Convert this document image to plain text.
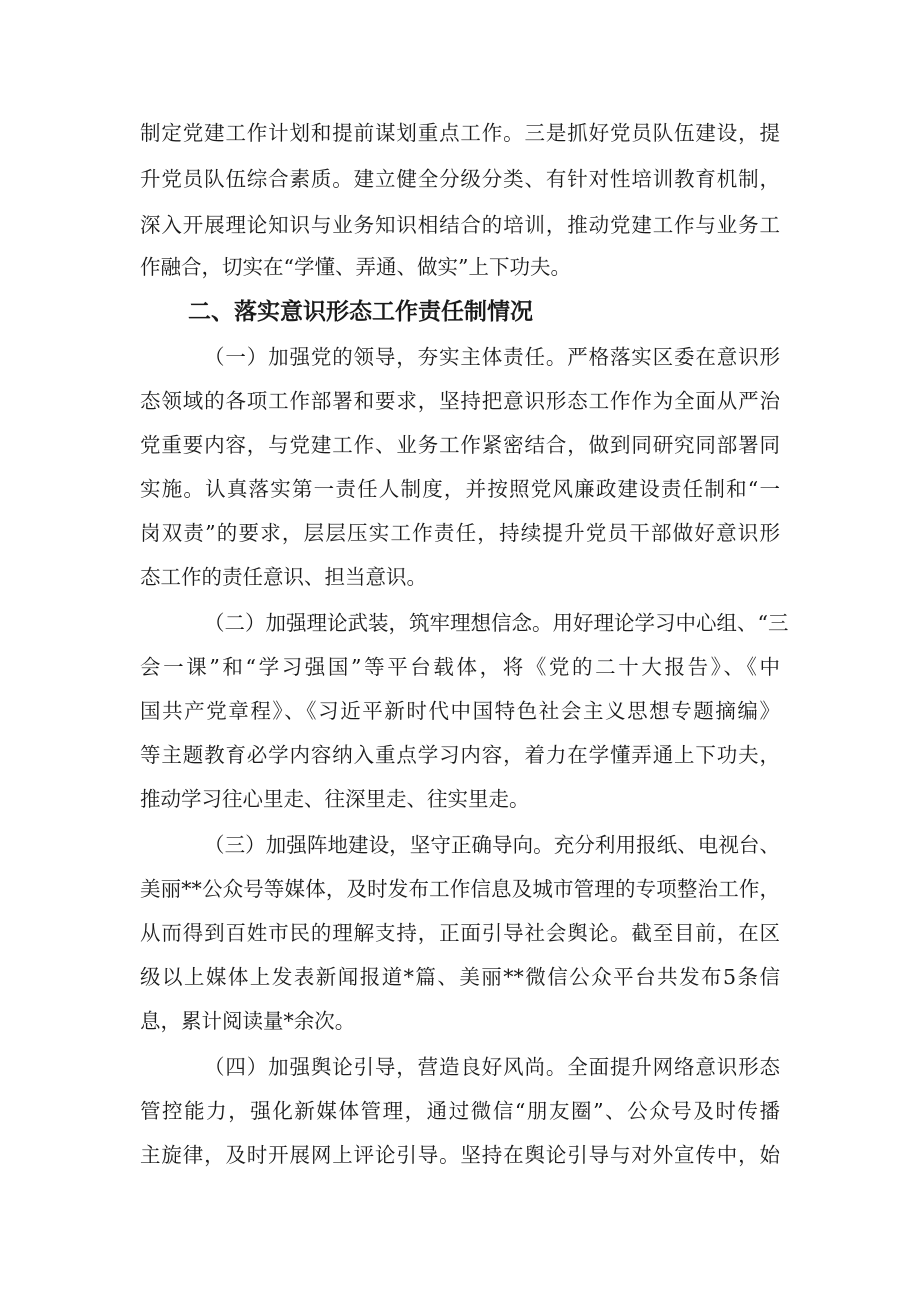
制定党建工作计划和提前谋划重点工作。三是抓好党员队伍建设，提
升党员队伍综合素质。建立健全分级分类、有针对性培训教育机制，
深入开展理论知识与业务知识相结合的培训，推动党建工作与业务工
作融合，切实在“学懂、弄通、做实”上下功夫。
二、落实意识形态工作责任制情况
（一）加强党的领导，夯实主体责任。严格落实区委在意识形
态领域的各项工作部署和要求，坚持把意识形态工作作为全面从严治
党重要内容，与党建工作、业务工作紧密结合，做到同研究同部署同
实施。认真落实第一责任人制度，并按照党风廉政建设责任制和“一
岗双责”的要求，层层压实工作责任，持续提升党员干部做好意识形
态工作的责任意识、担当意识。
（二）加强理论武装，筑牢理想信念。用好理论学习中心组、“三
会一课”和“学习强国”等平台载体，将《党的二十大报告》、《中
国共产党章程》、《习近平新时代中国特色社会主义思想专题摘编》
等主题教育必学内容纳入重点学习内容，着力在学懂弄通上下功夫，
推动学习往心里走、往深里走、往实里走。
（三）加强阵地建设，坚守正确导向。充分利用报纸、电视台、
美丽**公众号等媒体，及时发布工作信息及城市管理的专项整治工作，
从而得到百姓市民的理解支持，正面引导社会舆论。截至目前，在区
级以上媒体上发表新闻报道*篇、美丽**微信公众平台共发布5条信
息，累计阅读量*余次。
（四）加强舆论引导，营造良好风尚。全面提升网络意识形态
管控能力，强化新媒体管理，通过微信“朋友圈”、公众号及时传播
主旋律，及时开展网上评论引导。坚持在舆论引导与对外宣传中，始
